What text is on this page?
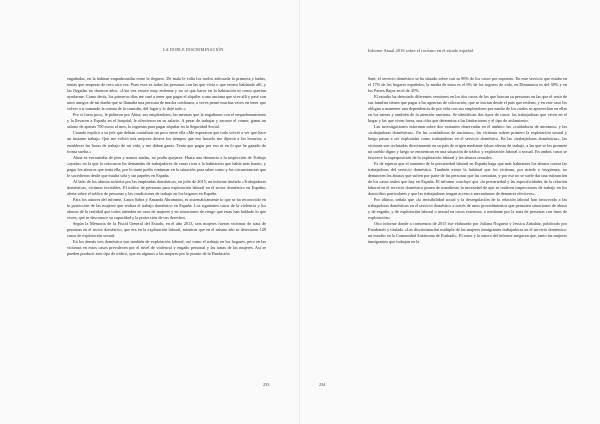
LA DOBLE DISCRIMINACIÓN

engañadas, en la habitan empadronadas entre la ilegares. De mala le valia los suelos adecuada la primeria y hadas, tenias que empezar de cero otra vez. Pues esos es todas las personas con las que vivía o que estuvo hablando allí, y las llegadas no duraron años. «Una vez estuve muy enferma y no sé que hacer en la habitación ni como querían ayudarme. Como decía, los primeros días me casé a tener que pagar el alquiler a una anciana que vive allí y pasé con unos amigos de mi dueña que se llamaba una persona de mucha confianza, a veces pensé muchas veces en tener que volver a ir tomando la cuenta de la comidas, del lugar y lo dejé todo.»

Por si fuera poco, le pidieron por Alma, sus empleadores, las mismas que la engañaron con el empadronamiento y la llevaron a España en el hospital, le ofrecieron en su salario. A pesar de trabajar y sacarse el comer, ganar un salario de apenas 700 euros al mes, lo ingresan para pagar alquilar en la Seguridad Social.

Cuando explicó a su jefe que debían contribuir un poco entre ella «Me esperaron que todo volvió a ver que hace un instante trabajo. Que me volvió mis mejores deseos los tiempos que eso hacerlo me dijeron a los horarios, a establecer las horas de trabajo de mi vida, y me daban ganas. Tenía que pagar por eso ni en lo que he ganado de forma suelta.»

Alma se encontraba de pies y manos atadas, no podía quejarse. Hasta una denuncia a la inspección de Trabajo «ayuda» en la que la colocaron las demandas de trabajadores de casas ricas a la habitación que había más barato, y pagar los ahorros que tenía ella, por lo tanto podía continuar en la situación para saber como y las circunstancias que le sucedieron desde que estaba sola y sin papeles en España.

Al lado de los abusos sufridos por las empleadas domésticas, en julio de 2015, un informe titulado «Trabajadoras domésticas, víctimas invisibles. El tráfico de personas para explotación laboral en el sector doméstico en España» alerta sobre el tráfico de personas y las condiciones de trabajo en los hogares en España.

Para los autores del informe, Laura Sabra y Amanda Abramium, es sistemáticamente lo que se ha reconocido en la protección de las mujeres que realiza el trabajo doméstico en España. Los siguientes casos de la violencia y los abusos de la realidad que todos atienden en caso de mujeres y en situaciones de riesgo que estas han hablado lo que viven, que se desconoce su capacidad y la protección de sus derechos.

Según la Memoria de la Fiscal General del Estado, en el año 2013, seis mujeres fueron víctimas de trata de personas en el sector doméstico, que era en la explotación laboral, mientras que en el mismo año se detectaron 129 casos de explotación sexual.

En los demás tres doméstica son también de explotación laboral, así como el trabajo en los hogares, pero en las víctimas en estos casos prevalecen por el nivel de violencia y engaño personal y las tratas de las mujeres. Así se pueden producir este tipo de tráfico, que en algunos a las mujeres por lo pronto de la Fundación

233
Informe Anual 2016 sobre el racismo en el estado español

Sant, el servicio doméstico se ha situado sobre con su 90% de los casos por supuesto. En este servicio que estaba en el 17% de los hogares españoles, la media de estos es el 6% de los seguros de vida, en Dinamarca es del 38% y en los Países Bajos en el de 45%.

El estudio ha detectado diferentes versiones en los dos casos de los que buscan su personas en las que el resto de sus familias tienen que pagar a las agencias de colocación, que se inician desde el país que reciben, y en este caso les obligan a mantener una dependencia de por vida con sus empleadores por medio de los cuales se aprovechan en ellas en los meses y también de la atención sanitaria. Se identifican dos tipos de casos: las trabajadoras que viven en el hogar y las que viven fuera, una cifra que determina a las limitaciones y el tipo de aislamiento.

Las investigaciones informan sobre dos variantes observadas en el ámbito: las «cuidadoras de ancianos» y las «trabajadoras domésticas». En las «cuidadoras de ancianos», las víctimas sufren primero la explotación sexual y luego pasan a ser explotadas como trabajadoras en el servicio doméstico. En las «trabajadoras domésticas», las víctimas son reclutadas directamente en su país de origen mediante falsas ofertas de trabajo, a las que se les promete un sueldo digno y luego se encuentran en una situación de tráfico y explotación laboral o sexual. En ambos casos se favorece la superposición de la explotación laboral y los abusos sexuales.

Es de esperar que el aumento de la precariedad laboral en España haga que más habitantes los abusos contra las trabajadoras del servicio doméstico. También existe la habitual que los víctimas, por miedo o vergüenza, no denuncien los abusos que sufren por parte de las personas que las contratan, y por eso no se suele dar una estimación de los casos reales que hay en España. El informe concluye que «la precariedad y las especificidades de la relación laboral en el servicio doméstico ponen de manifiesto la necesidad de que se realicen inspecciones de trabajo en los domicilios particulares y que las trabajadoras tengan acceso a mecanismos de denuncia efectivos».

Por último, señala que «la invisibilidad social y la desregulación de la relación laboral han favorecido a las trabajadoras domésticas en el servicio doméstico a través de unos procedimientos que permiten situaciones de abuso y de engaño, y de explotación laboral o sexual en casos extremos, o mediante por la trata de personas con fines de explotación».

Otro informe donde a comienzos de 2015 fue elaborado por Juliana Noguera y Jessica Zabalaiz, publicado por Enudomés y titulado «Las discriminación múltiple de las mujeres inmigrantes trabajadoras en el servicio doméstico: un estudio en la Comunidad Autónoma de Euskadi». El autor y la autora del informe aseguran que, tanto las mujeres inmigrantes que trabajan en la

234
